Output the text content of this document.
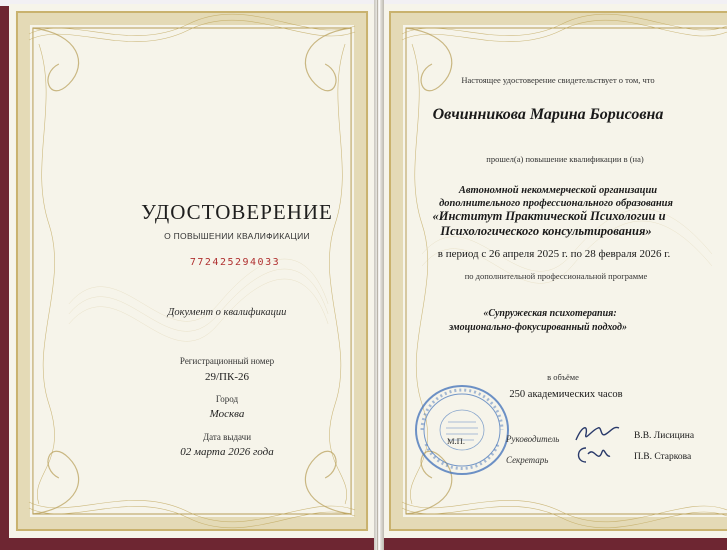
УДОСТОВЕРЕНИЕ
О ПОВЫШЕНИИ КВАЛИФИКАЦИИ
772425294033
Документ о квалификации
Регистрационный номер
29/ПК-26
Город
Москва
Дата выдачи
02 марта 2026 года
Настоящее удостоверение свидетельствует о том, что
Овчинникова Марина Борисовна
прошел(а) повышение квалификации в (на)
Автономной некоммерческой организации
дополнительного профессионального образования
«Институт Практической Психологии и
Психологического консультирования»
в период с 26 апреля 2025 г. по 28 февраля 2026 г.
по дополнительной профессиональной программе
«Супружеская психотерапия:
эмоционально-фокусированный подход»
в объёме
250 академических часов
М.П.	Руководитель	В.В. Лисицина
Секретарь	П.В. Старкова
